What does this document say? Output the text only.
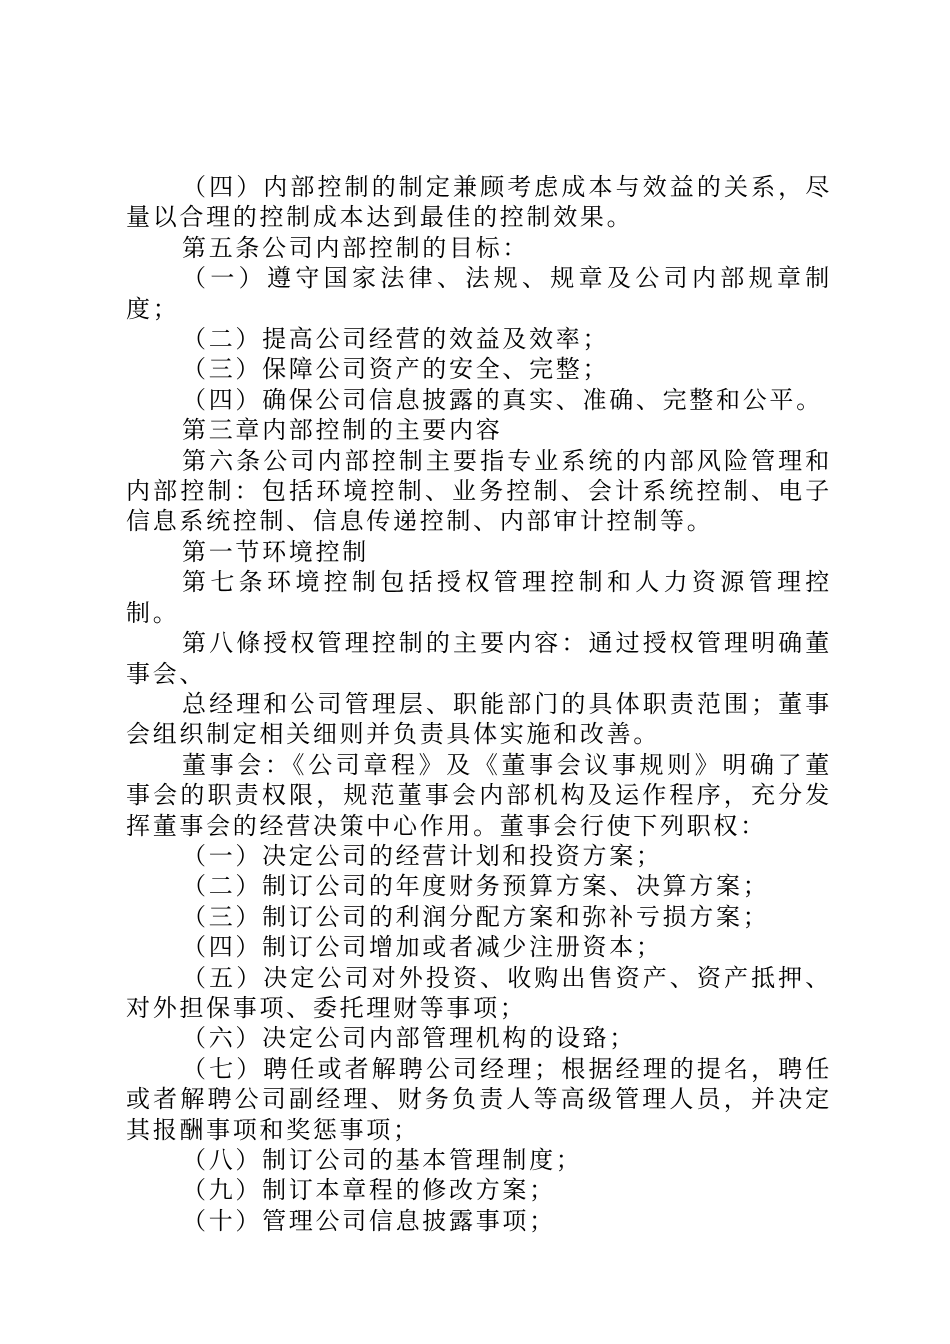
（四）内部控制的制定兼顾考虑成本与效益的关系，尽量以合理的控制成本达到最佳的控制效果。

第五条公司内部控制的目标：

（一）遵守国家法律、法规、规章及公司内部规章制度；

（二）提高公司经营的效益及效率；

（三）保障公司资产的安全、完整；

（四）确保公司信息披露的真实、准确、完整和公平。

第三章内部控制的主要内容

第六条公司内部控制主要指专业系统的内部风险管理和内部控制：包括环境控制、业务控制、会计系统控制、电子信息系统控制、信息传递控制、内部审计控制等。

第一节环境控制

第七条环境控制包括授权管理控制和人力资源管理控制。

第八條授权管理控制的主要内容：通过授权管理明确董事会、

总经理和公司管理层、职能部门的具体职责范围；董事会组织制定相关细则并负责具体实施和改善。

董事会：《公司章程》及《董事会议事规则》明确了董事会的职责权限，规范董事会内部机构及运作程序，充分发挥董事会的经营决策中心作用。董事会行使下列职权：

（一）决定公司的经营计划和投资方案；

（二）制订公司的年度财务预算方案、决算方案；

（三）制订公司的利润分配方案和弥补亏损方案；

（四）制订公司增加或者减少注册资本；

（五）决定公司对外投资、收购出售资产、资产抵押、对外担保事项、委托理财等事项；

（六）决定公司内部管理机构的设臵；

（七）聘任或者解聘公司经理；根据经理的提名，聘任或者解聘公司副经理、财务负责人等高级管理人员，并决定其报酬事项和奖惩事项；

（八）制订公司的基本管理制度；

（九）制订本章程的修改方案；

（十）管理公司信息披露事项；
